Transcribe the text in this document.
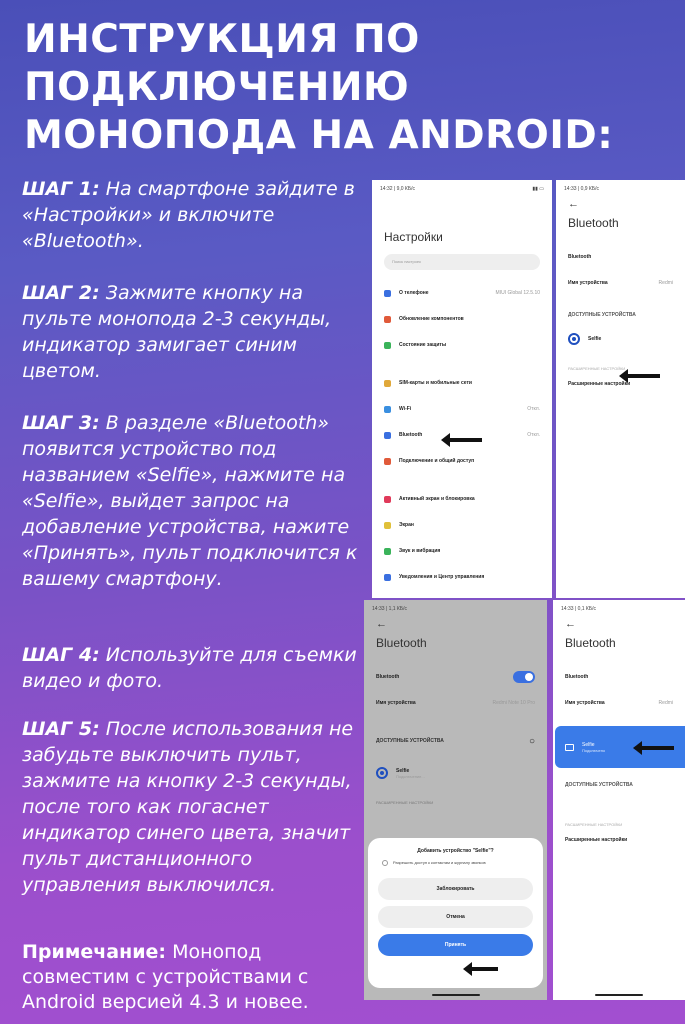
ИНСТРУКЦИЯ ПО
ПОДКЛЮЧЕНИЮ
МОНОПОДА НА ANDROID:
ШАГ 1: На смартфоне зайдите в «Настройки» и включите «Bluetooth».
ШАГ 2: Зажмите кнопку на пульте моноподa 2-3 секунды, индикатор замигает синим цветом.
ШАГ 3: В разделе «Bluetooth» появится устройство под названием «Selfie», нажмите на «Selfie», выйдет запрос на добавление устройства, нажите «Принять», пульт подключится к вашему смартфону.
ШАГ 4: Используйте для съемки видео и фото.
ШАГ 5: После использования не забудьте выключить пульт, зажмите на кнопку 2-3 секунды, после того как погаснет индикатор синего цвета, значит пульт дистанционного управления выключился.
Примечание: Монопод совместим с устройствами с Android версией 4.3 и новее.
14:32 | 9,0 КБ/с	▮▮ ▭
Настройки
Поиск настроек
О телефоне	MIUI Global 12.5.10
Обновление компонентов
Состояние защиты
SIM-карты и мобильные сети
Wi-Fi	Откл.
Bluetooth	Откл.
Подключение и общий доступ
Активный экран и блокировка
Экран
Звук и вибрация
Уведомления и Центр управления
14:33 | 0,9 КБ/с
←
Bluetooth
Bluetooth
Имя устройства	Redmi
ДОСТУПНЫЕ УСТРОЙСТВА
Selfie
РАСШИРЕННЫЕ НАСТРОЙКИ
Расширенные настройки
14:33 | 1,1 КБ/с
←
Bluetooth
Bluetooth
Имя устройства	Redmi Note 10 Pro
ДОСТУПНЫЕ УСТРОЙСТВА	○
Selfie
Подключение...
РАСШИРЕННЫЕ НАСТРОЙКИ
Добавить устройство "Selfie"?
Разрешить доступ к контактам и журналу звонков
Заблокировать
Отмена
Принять
14:33 | 0,1 КБ/с
←
Bluetooth
Bluetooth
Имя устройства	Redmi
Selfie
Подключено
ДОСТУПНЫЕ УСТРОЙСТВА
РАСШИРЕННЫЕ НАСТРОЙКИ
Расширенные настройки
